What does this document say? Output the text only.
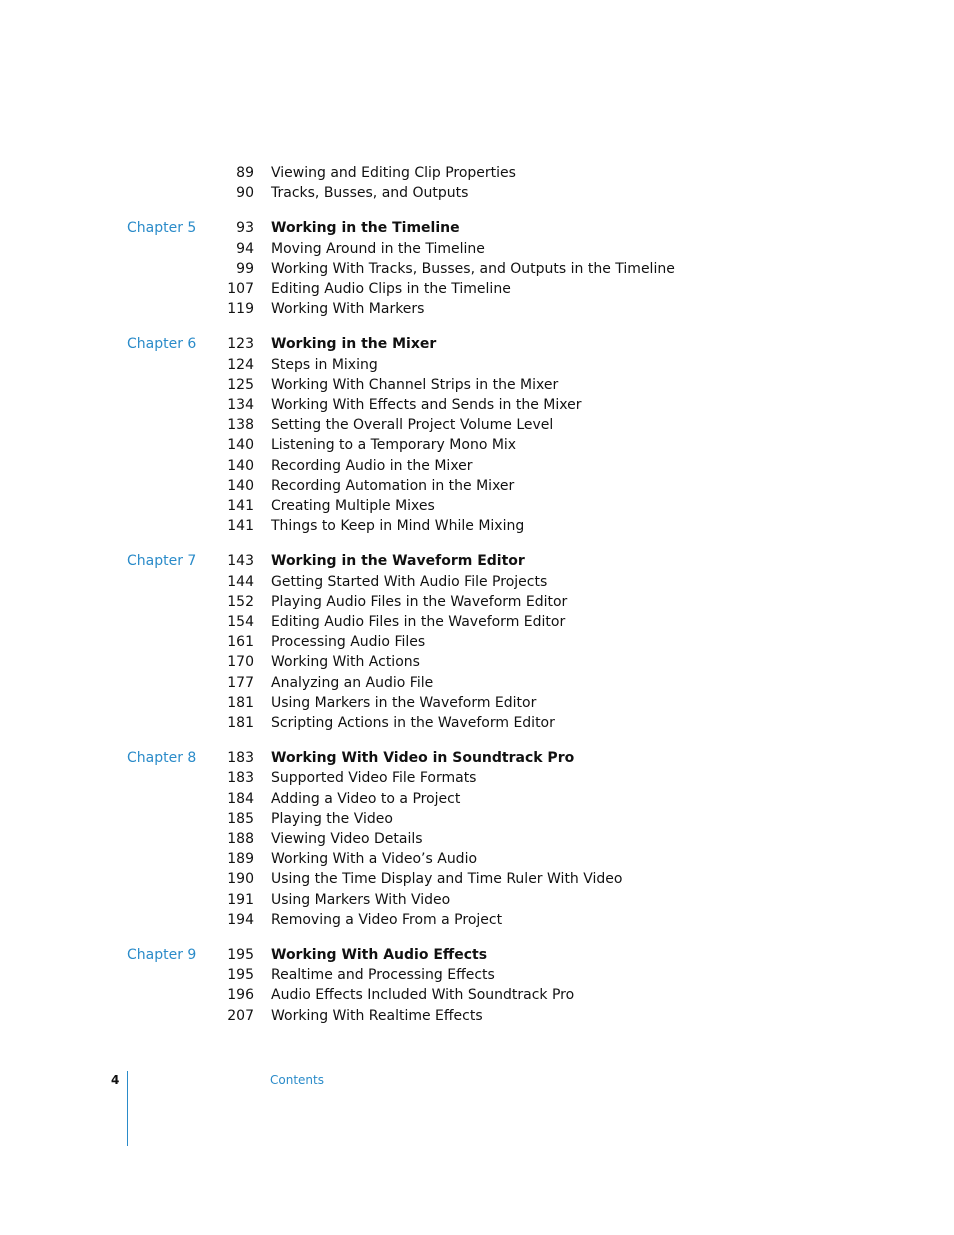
89 Viewing and Editing Clip Properties
90 Tracks, Busses, and Outputs
Chapter 5	93 Working in the Timeline
94 Moving Around in the Timeline
99 Working With Tracks, Busses, and Outputs in the Timeline
107 Editing Audio Clips in the Timeline
119 Working With Markers
Chapter 6 123 Working in the Mixer
124 Steps in Mixing
125 Working With Channel Strips in the Mixer
134 Working With Effects and Sends in the Mixer
138 Setting the Overall Project Volume Level
140 Listening to a Temporary Mono Mix
140 Recording Audio in the Mixer
140 Recording Automation in the Mixer
141 Creating Multiple Mixes
141 Things to Keep in Mind While Mixing
Chapter 7 143 Working in the Waveform Editor
144 Getting Started With Audio File Projects
152 Playing Audio Files in the Waveform Editor
154 Editing Audio Files in the Waveform Editor
161 Processing Audio Files
170 Working With Actions
177 Analyzing an Audio File
181 Using Markers in the Waveform Editor
181 Scripting Actions in the Waveform Editor
Chapter 8 183 Working With Video in Soundtrack Pro
183 Supported Video File Formats
184 Adding a Video to a Project
185 Playing the Video
188 Viewing Video Details
189 Working With a Video’s Audio
190 Using the Time Display and Time Ruler With Video
191 Using Markers With Video
194 Removing a Video From a Project
Chapter 9 195 Working With Audio Effects
195 Realtime and Processing Effects
196 Audio Effects Included With Soundtrack Pro
207 Working With Realtime Effects
4	Contents
